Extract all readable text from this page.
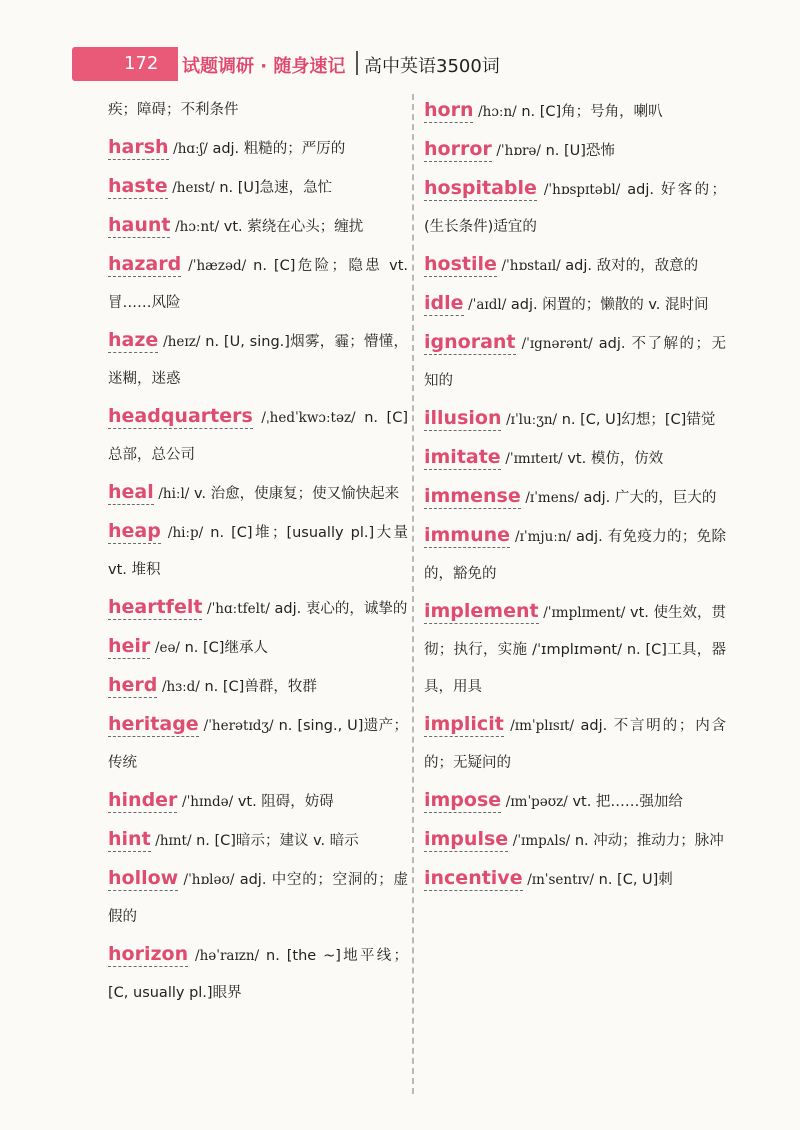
172 试题调研 · 随身速记 高中英语3500词
疾；障碍；不利条件
harsh /hɑːʃ/ adj. 粗糙的；严厉的
haste /heɪst/ n. [U]急速，急忙
haunt /hɔːnt/ vt. 萦绕在心头；缠扰
hazard /ˈhæzəd/ n. [C]危险；隐患 vt. 冒……风险
haze /heɪz/ n. [U, sing.]烟雾，霾；懵懂，迷糊，迷惑
headquarters /ˌhedˈkwɔːtəz/ n. [C]总部，总公司
heal /hiːl/ v. 治愈，使康复；使又愉快起来
heap /hiːp/ n. [C]堆；[usually pl.]大量 vt. 堆积
heartfelt /ˈhɑːtfelt/ adj. 衷心的，诚挚的
heir /eə/ n. [C]继承人
herd /hɜːd/ n. [C]兽群，牧群
heritage /ˈherətɪdʒ/ n. [sing., U]遗产；传统
hinder /ˈhɪndə/ vt. 阻碍，妨碍
hint /hɪnt/ n. [C]暗示；建议 v. 暗示
hollow /ˈhɒləʊ/ adj. 中空的；空洞的；虚假的
horizon /həˈraɪzn/ n. [the ~]地平线；[C, usually pl.]眼界
horn /hɔːn/ n. [C]角；号角，喇叭
horror /ˈhɒrə/ n. [U]恐怖
hospitable /ˈhɒspɪtəbl/ adj. 好客的；(生长条件)适宜的
hostile /ˈhɒstaɪl/ adj. 敌对的，敌意的
idle /ˈaɪdl/ adj. 闲置的；懒散的 v. 混时间
ignorant /ˈɪgnərənt/ adj. 不了解的；无知的
illusion /ɪˈluːʒn/ n. [C, U]幻想；[C]错觉
imitate /ˈɪmɪteɪt/ vt. 模仿，仿效
immense /ɪˈmens/ adj. 广大的，巨大的
immune /ɪˈmjuːn/ adj. 有免疫力的；免除的，豁免的
implement /ˈɪmplɪment/ vt. 使生效，贯彻；执行，实施 /ˈɪmplɪmənt/ n. [C]工具，器具，用具
implicit /ɪmˈplɪsɪt/ adj. 不言明的；内含的；无疑问的
impose /ɪmˈpəʊz/ vt. 把……强加给
impulse /ˈɪmpʌls/ n. 冲动；推动力；脉冲
incentive /ɪnˈsentɪv/ n. [C, U]刺
